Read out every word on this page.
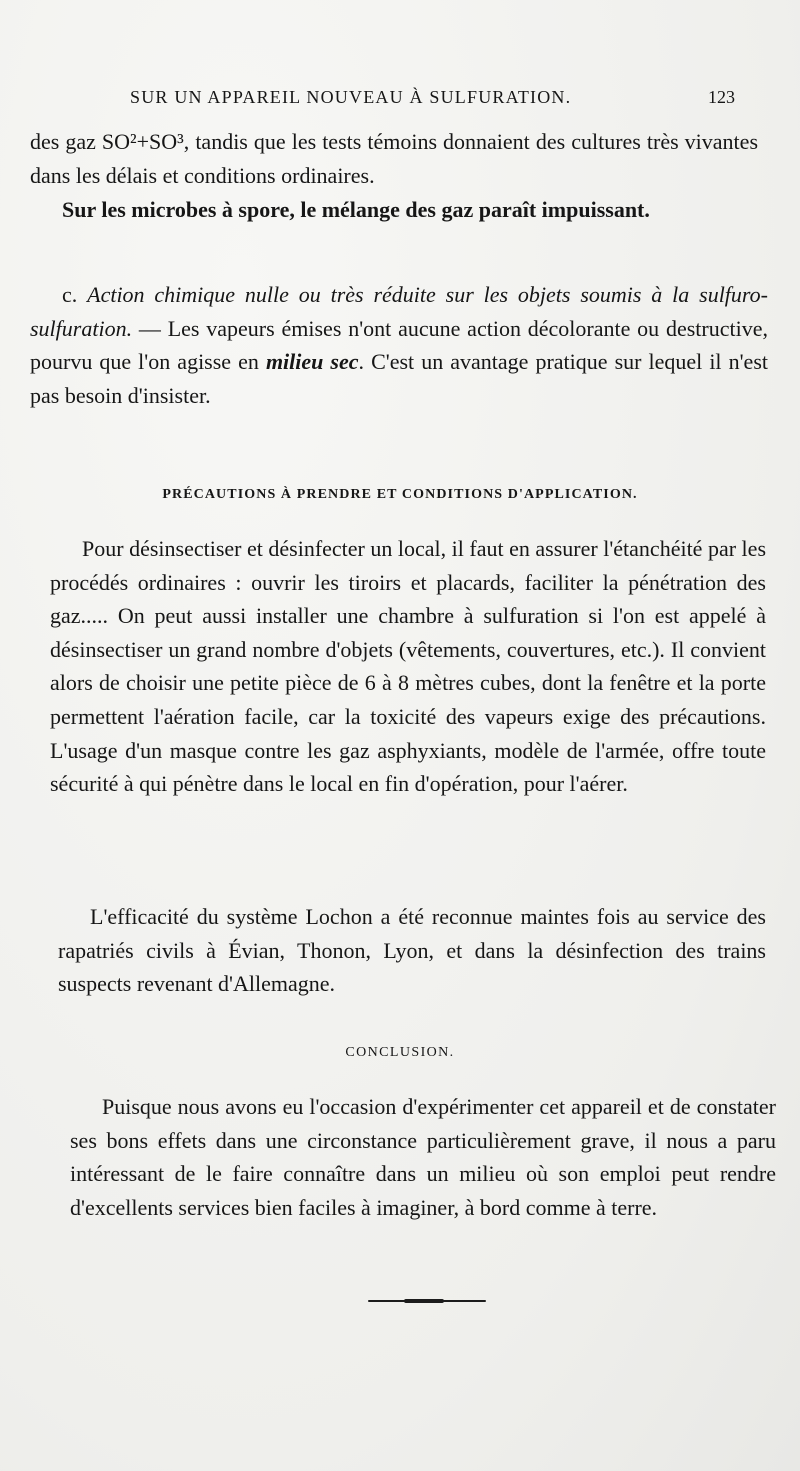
SUR UN APPAREIL NOUVEAU À SULFURATION.	123

des gaz SO²+SO³, tandis que les tests témoins donnaient des cultures très vivantes dans les délais et conditions ordinaires.

Sur les microbes à spore, le mélange des gaz paraît impuissant.

c. Action chimique nulle ou très réduite sur les objets soumis à la sulfuro-sulfuration. — Les vapeurs émises n'ont aucune action décolorante ou destructive, pourvu que l'on agisse en milieu sec. C'est un avantage pratique sur lequel il n'est pas besoin d'insister.

PRÉCAUTIONS À PRENDRE ET CONDITIONS D'APPLICATION.

Pour désinsectiser et désinfecter un local, il faut en assurer l'étanchéité par les procédés ordinaires : ouvrir les tiroirs et placards, faciliter la pénétration des gaz..... On peut aussi installer une chambre à sulfuration si l'on est appelé à désinsectiser un grand nombre d'objets (vêtements, couvertures, etc.). Il convient alors de choisir une petite pièce de 6 à 8 mètres cubes, dont la fenêtre et la porte permettent l'aération facile, car la toxicité des vapeurs exige des précautions. L'usage d'un masque contre les gaz asphyxiants, modèle de l'armée, offre toute sécurité à qui pénètre dans le local en fin d'opération, pour l'aérer.

L'efficacité du système Lochon a été reconnue maintes fois au service des rapatriés civils à Évian, Thonon, Lyon, et dans la désinfection des trains suspects revenant d'Allemagne.

CONCLUSION.

Puisque nous avons eu l'occasion d'expérimenter cet appareil et de constater ses bons effets dans une circonstance particulièrement grave, il nous a paru intéressant de le faire connaître dans un milieu où son emploi peut rendre d'excellents services bien faciles à imaginer, à bord comme à terre.
